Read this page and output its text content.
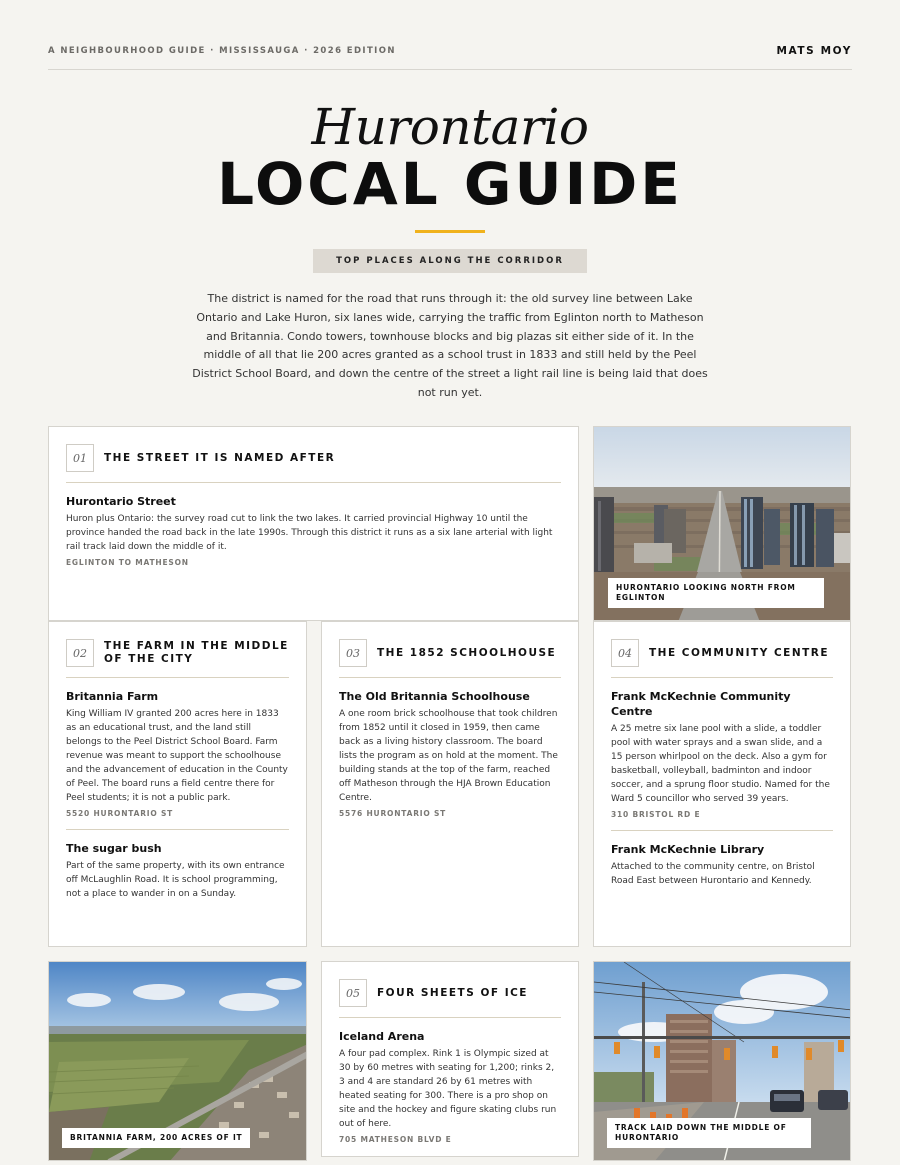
A NEIGHBOURHOOD GUIDE · MISSISSAUGA · 2026 EDITION	MATS MOY
Hurontario
LOCAL GUIDE
TOP PLACES ALONG THE CORRIDOR

The district is named for the road that runs through it: the old survey line between Lake Ontario and Lake Huron, six lanes wide, carrying the traffic from Eglinton north to Matheson and Britannia. Condo towers, townhouse blocks and big plazas sit either side of it. In the middle of all that lie 200 acres granted as a school trust in 1833 and still held by the Peel District School Board, and down the centre of the street a light rail line is being laid that does not run yet.

01	THE STREET IT IS NAMED AFTER
Hurontario Street
Huron plus Ontario: the survey road cut to link the two lakes. It carried provincial Highway 10 until the province handed the road back in the late 1990s. Through this district it runs as a six lane arterial with light rail track laid down the middle of it.
EGLINTON TO MATHESON
HURONTARIO LOOKING NORTH FROM EGLINTON
02
THE FARM IN THE MIDDLE OF THE CITY
Britannia Farm
King William IV granted 200 acres here in 1833 as an educational trust, and the land still belongs to the Peel District School Board. Farm revenue was meant to support the schoolhouse and the advancement of education in the County of Peel. The board runs a field centre there for Peel students; it is not a public park.
5520 HURONTARIO ST
The sugar bush
Part of the same property, with its own entrance off McLaughlin Road. It is school programming, not a place to wander in on a Sunday.
03	THE 1852 SCHOOLHOUSE
The Old Britannia Schoolhouse
A one room brick schoolhouse that took children from 1852 until it closed in 1959, then came back as a living history classroom. The board lists the program as on hold at the moment. The building stands at the top of the farm, reached off Matheson through the HJA Brown Education Centre.
5576 HURONTARIO ST
04	THE COMMUNITY CENTRE
Frank McKechnie Community Centre
A 25 metre six lane pool with a slide, a toddler pool with water sprays and a swan slide, and a 15 person whirlpool on the deck. Also a gym for basketball, volleyball, badminton and indoor soccer, and a sprung floor studio. Named for the Ward 5 councillor who served 39 years.
310 BRISTOL RD E
Frank McKechnie Library
Attached to the community centre, on Bristol Road East between Hurontario and Kennedy.
BRITANNIA FARM, 200 ACRES OF IT
05	FOUR SHEETS OF ICE
Iceland Arena
A four pad complex. Rink 1 is Olympic sized at 30 by 60 metres with seating for 1,200; rinks 2, 3 and 4 are standard 26 by 61 metres with heated seating for 300. There is a pro shop on site and the hockey and figure skating clubs run out of here.
705 MATHESON BLVD E
TRACK LAID DOWN THE MIDDLE OF HURONTARIO
